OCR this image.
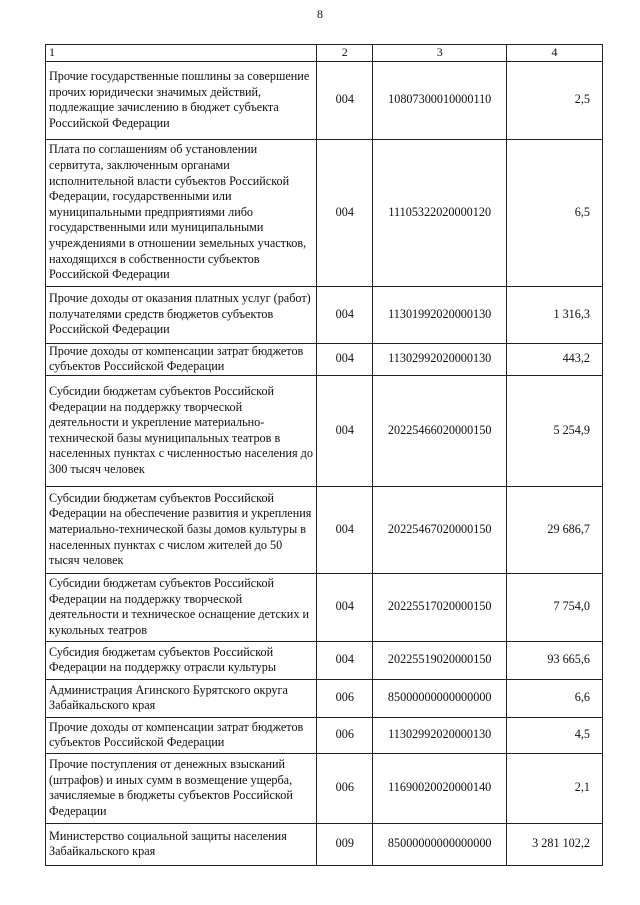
8
1	2	3	4
Прочие государственные пошлины за совершение прочих юридически значимых действий, подлежащие зачислению в бюджет субъекта Российской Федерации	004	10807300010000110	2,5
Плата по соглашениям об установлении сервитута, заключенным органами исполнительной власти субъектов Российской Федерации, государственными или муниципальными предприятиями либо государственными или муниципальными учреждениями в отношении земельных участков, находящихся в собственности субъектов Российской Федерации	004	11105322020000120	6,5
Прочие доходы от оказания платных услуг (работ) получателями средств бюджетов субъектов Российской Федерации	004	11301992020000130	1 316,3
Прочие доходы от компенсации затрат бюджетов субъектов Российской Федерации	004	11302992020000130	443,2
Субсидии бюджетам субъектов Российской Федерации на поддержку творческой деятельности и укрепление материально-технической базы муниципальных театров в населенных пунктах с численностью населения до 300 тысяч человек	004	20225466020000150	5 254,9
Субсидии бюджетам субъектов Российской Федерации на обеспечение развития и укрепления материально-технической базы домов культуры в населенных пунктах с числом жителей до 50 тысяч человек	004	20225467020000150	29 686,7
Субсидии бюджетам субъектов Российской Федерации на поддержку творческой деятельности и техническое оснащение детских и кукольных театров	004	20225517020000150	7 754,0
Субсидия бюджетам субъектов Российской Федерации на поддержку отрасли культуры	004	20225519020000150	93 665,6
Администрация Агинского Бурятского округа Забайкальского края	006	85000000000000000	6,6
Прочие доходы от компенсации затрат бюджетов субъектов Российской Федерации	006	11302992020000130	4,5
Прочие поступления от денежных взысканий (штрафов) и иных сумм в возмещение ущерба, зачисляемые в бюджеты субъектов Российской Федерации	006	11690020020000140	2,1
Министерство социальной защиты населения Забайкальского края	009	85000000000000000	3 281 102,2
